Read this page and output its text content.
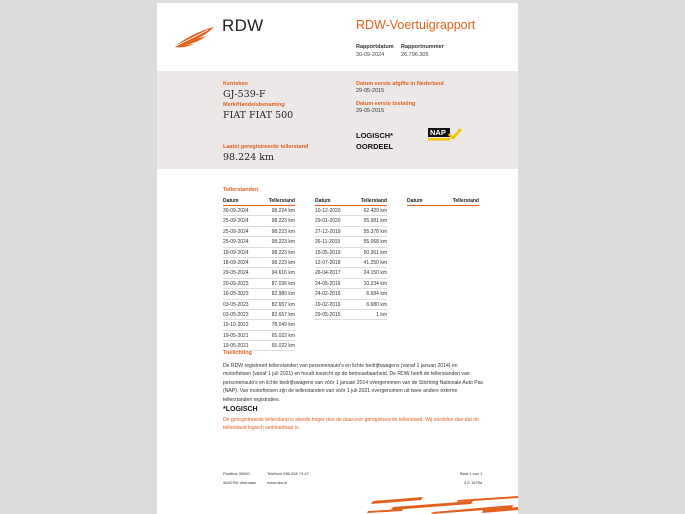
RDW	RDW-Voertuigrapport
Rapportdatum
30-09-2024
Rapportnummer
26.796.305
Kenteken
GJ-539-F
Merk/Handelsbenaming
FIAT FIAT 500
Laatst geregistreerde tellerstand
98.224 km
Datum eerste afgifte in Nederland
29-05-2015
Datum eerste toelating
29-05-2015
LOGISCH*
OORDEEL
NAP
Tellerstanden
Datum	Tellerstand
30-09-2024	98.224 km
25-09-2024	98.223 km
25-09-2024	98.223 km
25-09-2024	98.223 km
19-09-2024	98.223 km
18-09-2024	98.223 km
29-05-2024	94.616 km
20-09-2023	87.036 km
16-05-2023	82.980 km
03-05-2023	82.657 km
03-05-2023	82.657 km
19-10-2022	78.049 km
19-05-2021	65.022 km
19-05-2021	65.022 km
Datum	Tellerstand
10-12-2020	62.429 km
29-01-2020	55.981 km
27-12-2019	55.378 km
26-11-2019	55.068 km
15-05-2019	50.361 km
12-07-2018	41.250 km
26-04-2017	24.150 km
24-05-2016	10.234 km
24-02-2016	6.684 km
19-02-2016	6.680 km
29-05-2015	1 km
Datum	Tellerstand
Toelichting
De RDW registreert tellerstanden van personenauto's en lichte bedrijfswagens (vanaf 1 januari 2014) en motorfietsen (vanaf 1 juli 2021) en houdt toezicht op de betrouwbaarheid. De RDW heeft de tellerstanden van personenauto's en lichte bedrijfswagens van vóór 1 januari 2014 overgenomen van de Stichting Nationale Auto Pas (NAP). Van motorfietsen zijn de tellerstanden van vóór 1 juli 2021 overgenomen uit twee andere externe tellerstanden registraties.
*LOGISCH
De geregistreerde tellerstand is steeds hoger dan de daarvoor geregistreerde tellerstand. Wij oordelen dan dat de tellerstand logisch verkloarbaar is.
Postbus 30000
9640 RA Veendam
Telefoon 088 008 74 47
www.rdw.nl
Blad 1 van 1
3 E 1675a
